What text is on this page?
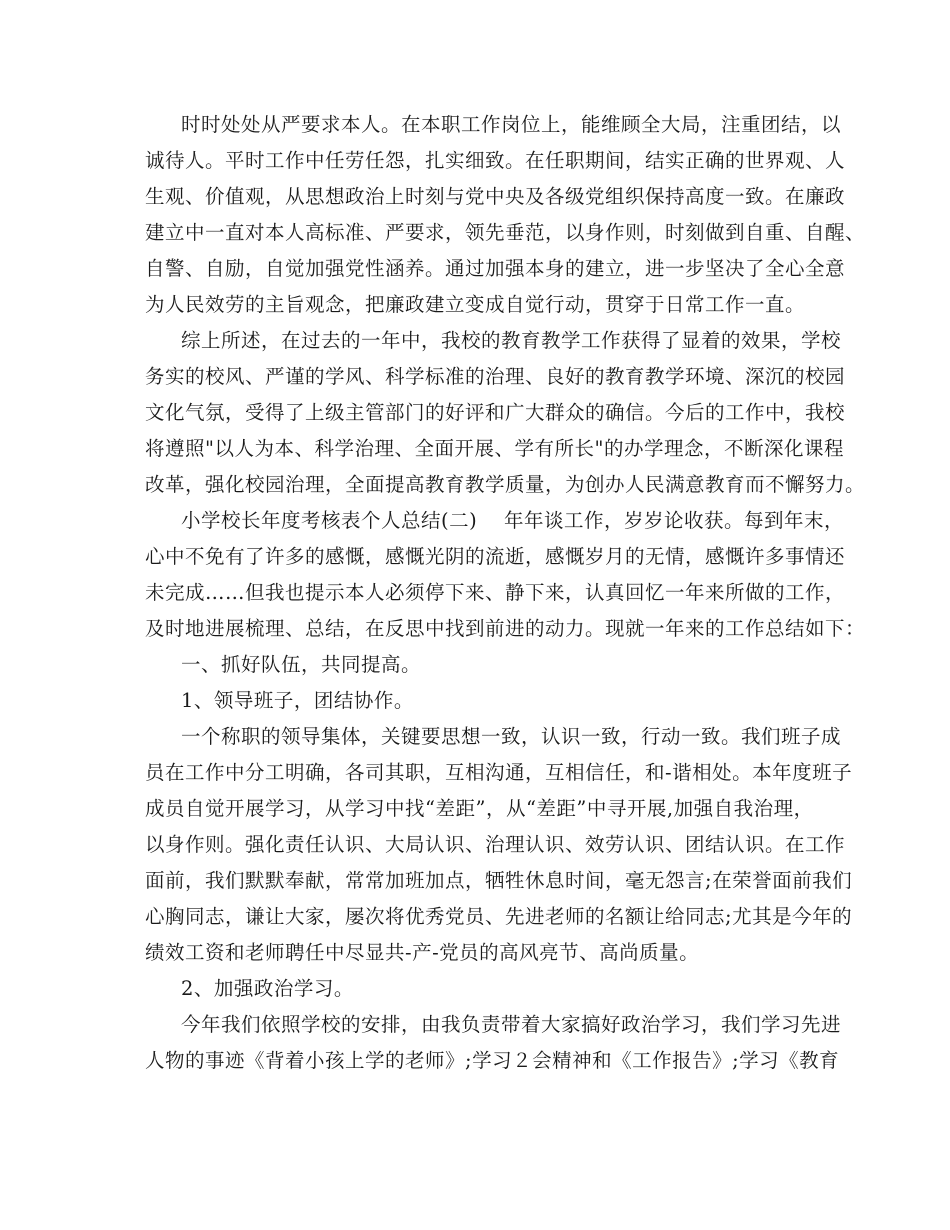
时时处处从严要求本人。在本职工作岗位上，能维顾全大局，注重团结，以
诚待人。平时工作中任劳任怨，扎实细致。在任职期间，结实正确的世界观、人
生观、价值观，从思想政治上时刻与党中央及各级党组织保持高度一致。在廉政
建立中一直对本人高标准、严要求，领先垂范，以身作则，时刻做到自重、自醒、
自警、自励，自觉加强党性涵养。通过加强本身的建立，进一步坚决了全心全意
为人民效劳的主旨观念，把廉政建立变成自觉行动，贯穿于日常工作一直。
综上所述，在过去的一年中，我校的教育教学工作获得了显着的效果，学校
务实的校风、严谨的学风、科学标准的治理、良好的教育教学环境、深沉的校园
文化气氛，受得了上级主管部门的好评和广大群众的确信。今后的工作中，我校
将遵照"以人为本、科学治理、全面开展、学有所长"的办学理念，不断深化课程
改革，强化校园治理，全面提高教育教学质量，为创办人民满意教育而不懈努力。
小学校长年度考核表个人总结(二)    年年谈工作，岁岁论收获。每到年末，
心中不免有了许多的感慨，感慨光阴的流逝，感慨岁月的无情，感慨许多事情还
未完成……但我也提示本人必须停下来、静下来，认真回忆一年来所做的工作，
及时地进展梳理、总结，在反思中找到前进的动力。现就一年来的工作总结如下：
一、抓好队伍，共同提高。
1、领导班子，团结协作。
一个称职的领导集体，关键要思想一致，认识一致，行动一致。我们班子成
员在工作中分工明确，各司其职，互相沟通，互相信任，和-谐相处。本年度班子
成员自觉开展学习，从学习中找“差距”，从“差距”中寻开展,加强自我治理，
以身作则。强化责任认识、大局认识、治理认识、效劳认识、团结认识。在工作
面前，我们默默奉献，常常加班加点，牺牲休息时间，毫无怨言;在荣誉面前我们
心胸同志，谦让大家，屡次将优秀党员、先进老师的名额让给同志;尤其是今年的
绩效工资和老师聘任中尽显共-产-党员的高风亮节、高尚质量。
2、加强政治学习。
今年我们依照学校的安排，由我负责带着大家搞好政治学习，我们学习先进
人物的事迹《背着小孩上学的老师》;学习２会精神和《工作报告》;学习《教育
